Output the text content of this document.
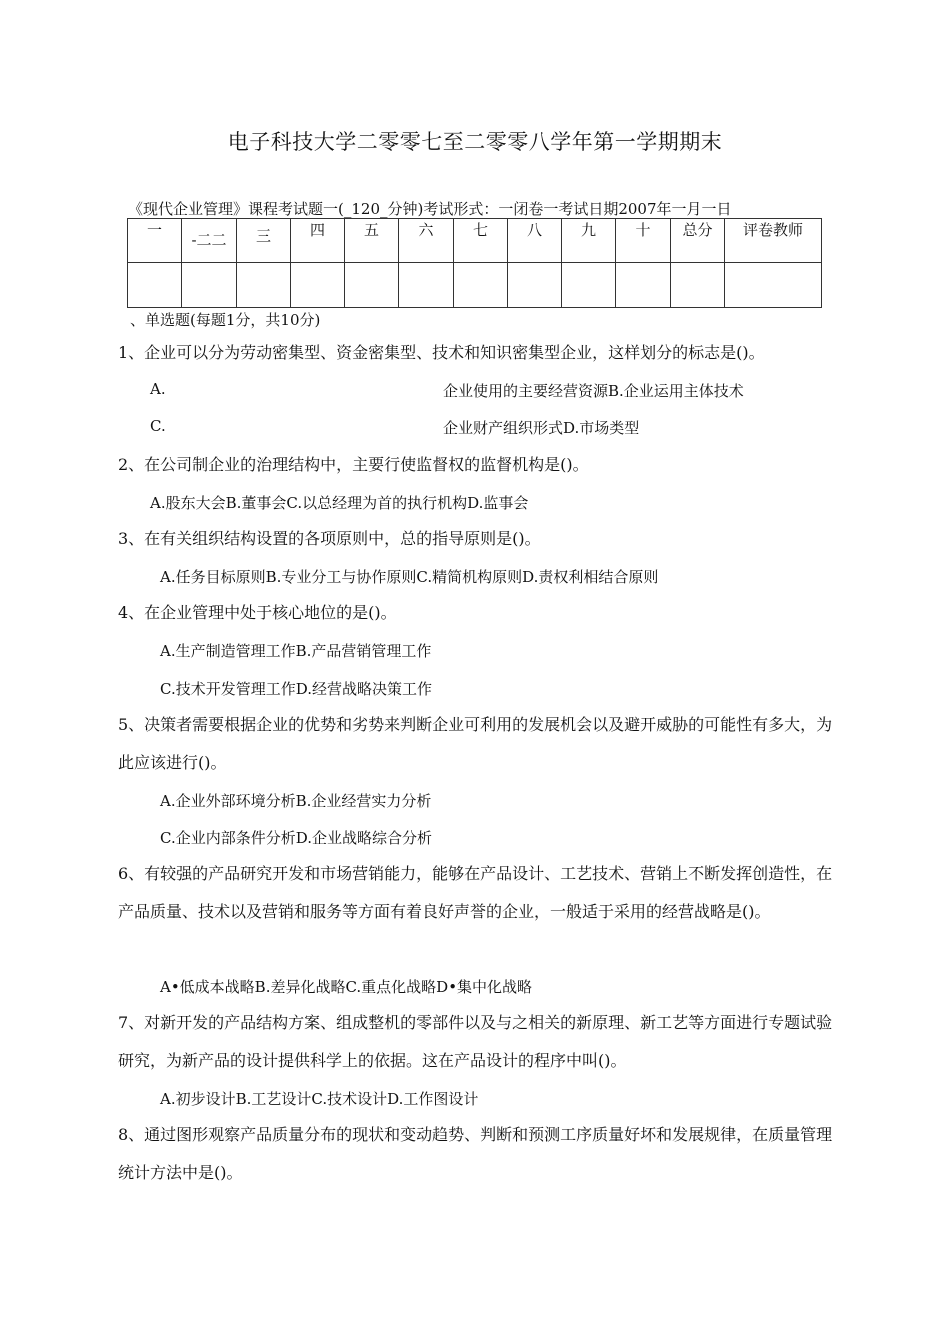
电子科技大学二零零七至二零零八学年第一学期期末
《现代企业管理》课程考试题一(_120_分钟)考试形式：一闭卷一考试日期2007年一月一日
一	-二二	三	四	五	六	七	八	九	十	总分	评卷教师

、单选题(每题1分，共10分)
1、企业可以分为劳动密集型、资金密集型、技术和知识密集型企业，这样划分的标志是()。
A.	企业使用的主要经营资源B.企业运用主体技术
C.	企业财产组织形式D.市场类型
2、在公司制企业的治理结构中，主要行使监督权的监督机构是()。
A.股东大会B.董事会C.以总经理为首的执行机构D.监事会
3、在有关组织结构设置的各项原则中，总的指导原则是()。
A.任务目标原则B.专业分工与协作原则C.精简机构原则D.责权利相结合原则
4、在企业管理中处于核心地位的是()。
A.生产制造管理工作B.产品营销管理工作
C.技术开发管理工作D.经营战略决策工作
5、决策者需要根据企业的优势和劣势来判断企业可利用的发展机会以及避开威胁的可能性有多大，为此应该进行()。
A.企业外部环境分析B.企业经营实力分析
C.企业内部条件分析D.企业战略综合分析
6、有较强的产品研究开发和市场营销能力，能够在产品设计、工艺技术、营销上不断发挥创造性，在产品质量、技术以及营销和服务等方面有着良好声誉的企业，一般适于采用的经营战略是()。
A•低成本战略B.差异化战略C.重点化战略D•集中化战略
7、对新开发的产品结构方案、组成整机的零部件以及与之相关的新原理、新工艺等方面进行专题试验研究，为新产品的设计提供科学上的依据。这在产品设计的程序中叫()。
A.初步设计B.工艺设计C.技术设计D.工作图设计
8、通过图形观察产品质量分布的现状和变动趋势、判断和预测工序质量好坏和发展规律，在质量管理统计方法中是()。
